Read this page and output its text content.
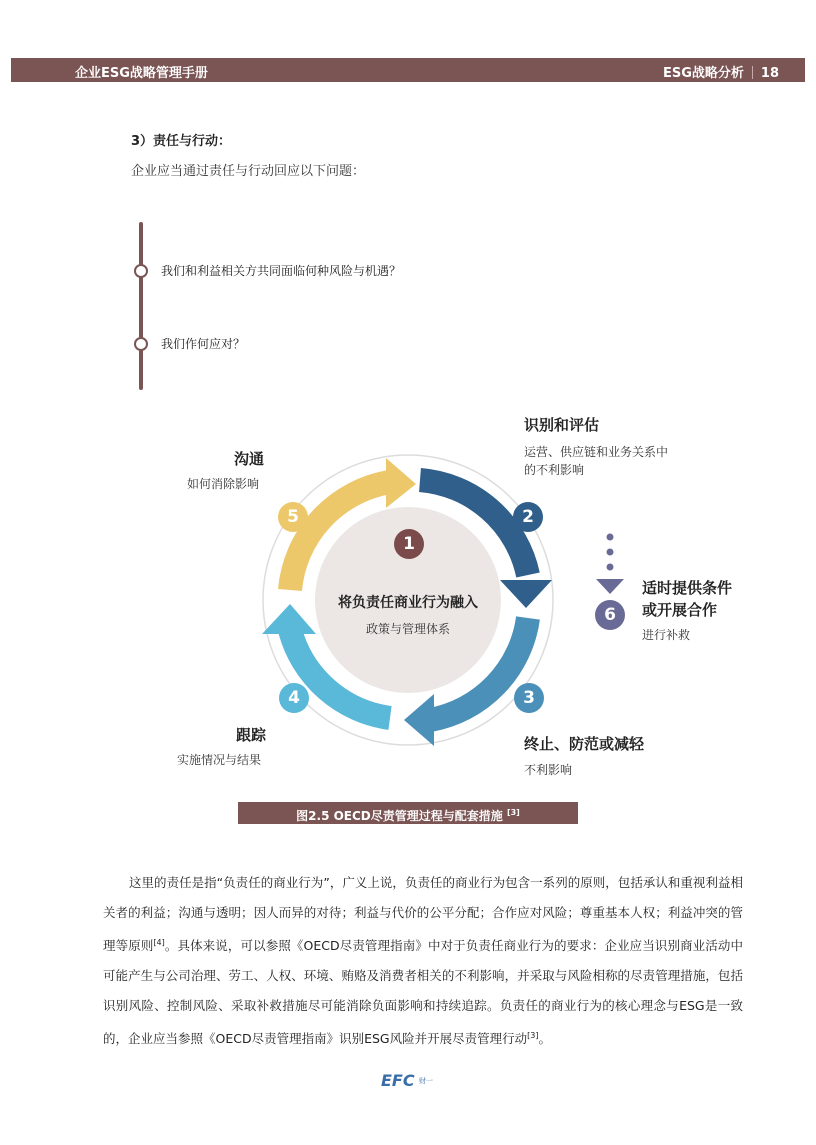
企业ESG战略管理手册	ESG战略分析 18
3）责任与行动：
企业应当通过责任与行动回应以下问题：
我们和利益相关方共同面临何种风险与机遇？
我们作何应对？
1
2
3
4
5
6
将负责任商业行为融入
政策与管理体系
识别和评估
运营、供应链和业务关系中
的不利影响
终止、防范或减轻
不利影响
跟踪
实施情况与结果
沟通
如何消除影响
适时提供条件
或开展合作
进行补救
图2.5 OECD尽责管理过程与配套措施 [3]
这里的责任是指“负责任的商业行为”，广义上说，负责任的商业行为包含一系列的原则，包括承认和重视利益相关者的利益；沟通与透明；因人而异的对待；利益与代价的公平分配；合作应对风险；尊重基本人权；利益冲突的管理等原则[4]。具体来说，可以参照《OECD尽责管理指南》中对于负责任商业行为的要求：企业应当识别商业活动中可能产生与公司治理、劳工、人权、环境、贿赂及消费者相关的不利影响，并采取与风险相称的尽责管理措施，包括识别风险、控制风险、采取补救措施尽可能消除负面影响和持续追踪。负责任的商业行为的核心理念与ESG是一致的，企业应当参照《OECD尽责管理指南》识别ESG风险并开展尽责管理行动[3]。
EFC 财一
